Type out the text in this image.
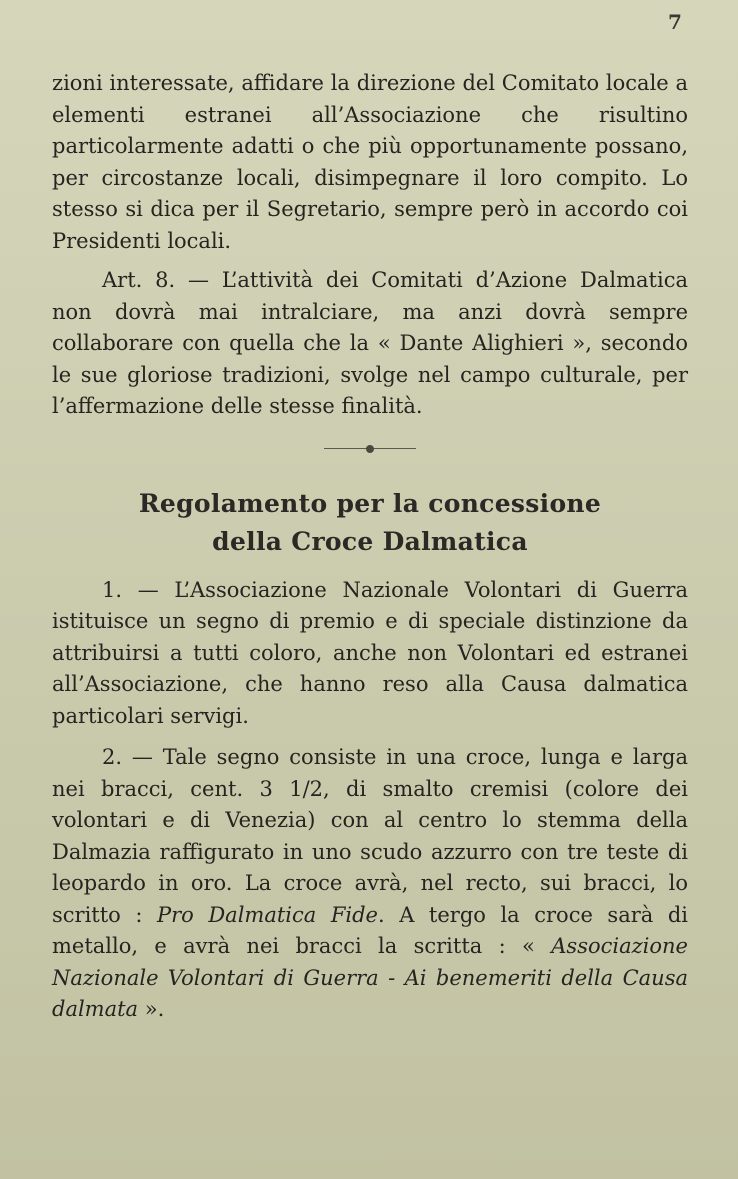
7

zioni interessate, affidare la direzione del Comitato locale a elementi estranei all’Associazione che risultino particolarmente adatti o che più opportunamente possano, per circostanze locali, disimpegnare il loro compito. Lo stesso si dica per il Segretario, sempre però in accordo coi Presidenti locali.

Art. 8. — L’attività dei Comitati d’Azione Dalmatica non dovrà mai intralciare, ma anzi dovrà sempre collaborare con quella che la « Dante Alighieri », secondo le sue gloriose tradizioni, svolge nel campo culturale, per l’affermazione delle stesse finalità.

Regolamento per la concessione
della Croce Dalmatica

1. — L’Associazione Nazionale Volontari di Guerra istituisce un segno di premio e di speciale distinzione da attribuirsi a tutti coloro, anche non Volontari ed estranei all’Associazione, che hanno reso alla Causa dalmatica particolari servigi.

2. — Tale segno consiste in una croce, lunga e larga nei bracci, cent. 3 1/2, di smalto cremisi (colore dei volontari e di Venezia) con al centro lo stemma della Dalmazia raffigurato in uno scudo azzurro con tre teste di leopardo in oro. La croce avrà, nel recto, sui bracci, lo scritto : Pro Dalmatica Fide. A tergo la croce sarà di metallo, e avrà nei bracci la scritta : « Associazione Nazionale Volontari di Guerra - Ai benemeriti della Causa dalmata ».
